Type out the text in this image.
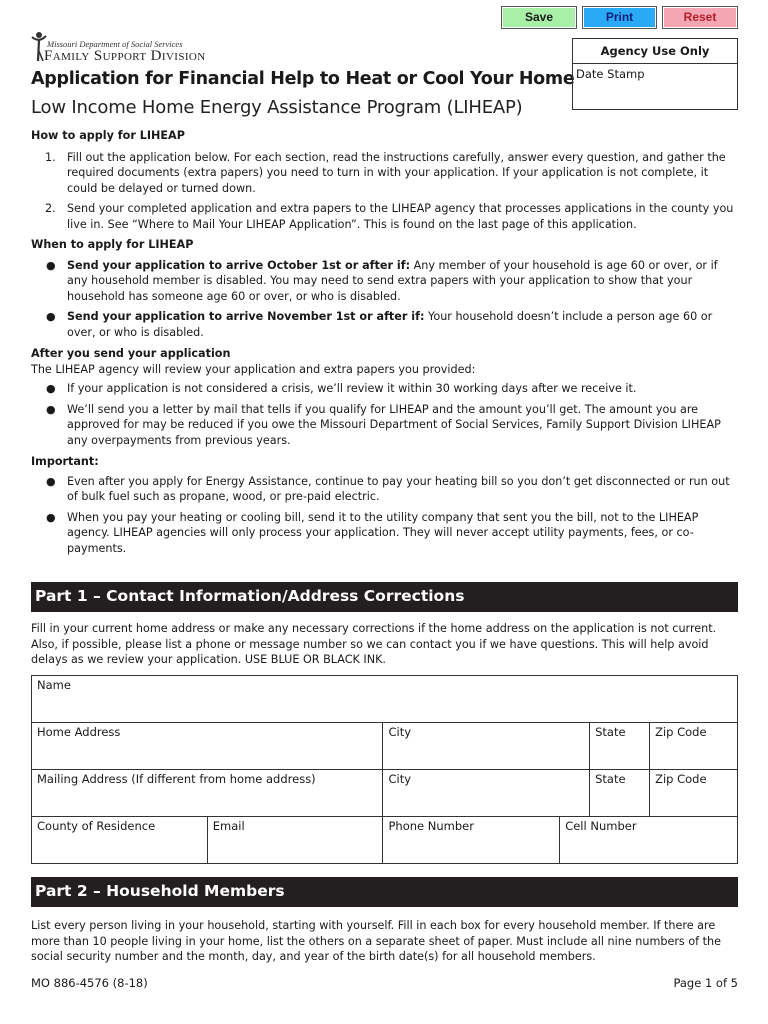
Save	Print	Reset
Missouri Department of Social Services
Family Support Division
Application for Financial Help to Heat or Cool Your Home
Low Income Home Energy Assistance Program (LIHEAP)
Agency Use Only
Date Stamp
How to apply for LIHEAP
1. Fill out the application below. For each section, read the instructions carefully, answer every question, and gather the required documents (extra papers) you need to turn in with your application. If your application is not complete, it could be delayed or turned down.
2. Send your completed application and extra papers to the LIHEAP agency that processes applications in the county you live in. See “Where to Mail Your LIHEAP Application”. This is found on the last page of this application.
When to apply for LIHEAP
● Send your application to arrive October 1st or after if: Any member of your household is age 60 or over, or if any household member is disabled. You may need to send extra papers with your application to show that your household has someone age 60 or over, or who is disabled.
● Send your application to arrive November 1st or after if: Your household doesn’t include a person age 60 or over, or who is disabled.
After you send your application
The LIHEAP agency will review your application and extra papers you provided:
● If your application is not considered a crisis, we’ll review it within 30 working days after we receive it.
● We’ll send you a letter by mail that tells if you qualify for LIHEAP and the amount you’ll get. The amount you are approved for may be reduced if you owe the Missouri Department of Social Services, Family Support Division LIHEAP any overpayments from previous years.
Important:
● Even after you apply for Energy Assistance, continue to pay your heating bill so you don’t get disconnected or run out of bulk fuel such as propane, wood, or pre-paid electric.
● When you pay your heating or cooling bill, send it to the utility company that sent you the bill, not to the LIHEAP agency. LIHEAP agencies will only process your application. They will never accept utility payments, fees, or co-payments.
Part 1 – Contact Information/Address Corrections
Fill in your current home address or make any necessary corrections if the home address on the application is not current. Also, if possible, please list a phone or message number so we can contact you if we have questions. This will help avoid delays as we review your application. USE BLUE OR BLACK INK.
Name					
Home Address		City		State	Zip Code
Mailing Address (If different from home address)		City		State	Zip Code
County of Residence	Email	Phone Number	Cell Number		
Part 2 – Household Members
List every person living in your household, starting with yourself. Fill in each box for every household member. If there are more than 10 people living in your home, list the others on a separate sheet of paper. Must include all nine numbers of the social security number and the month, day, and year of the birth date(s) for all household members.
MO 886-4576 (8-18)	Page 1 of 5
